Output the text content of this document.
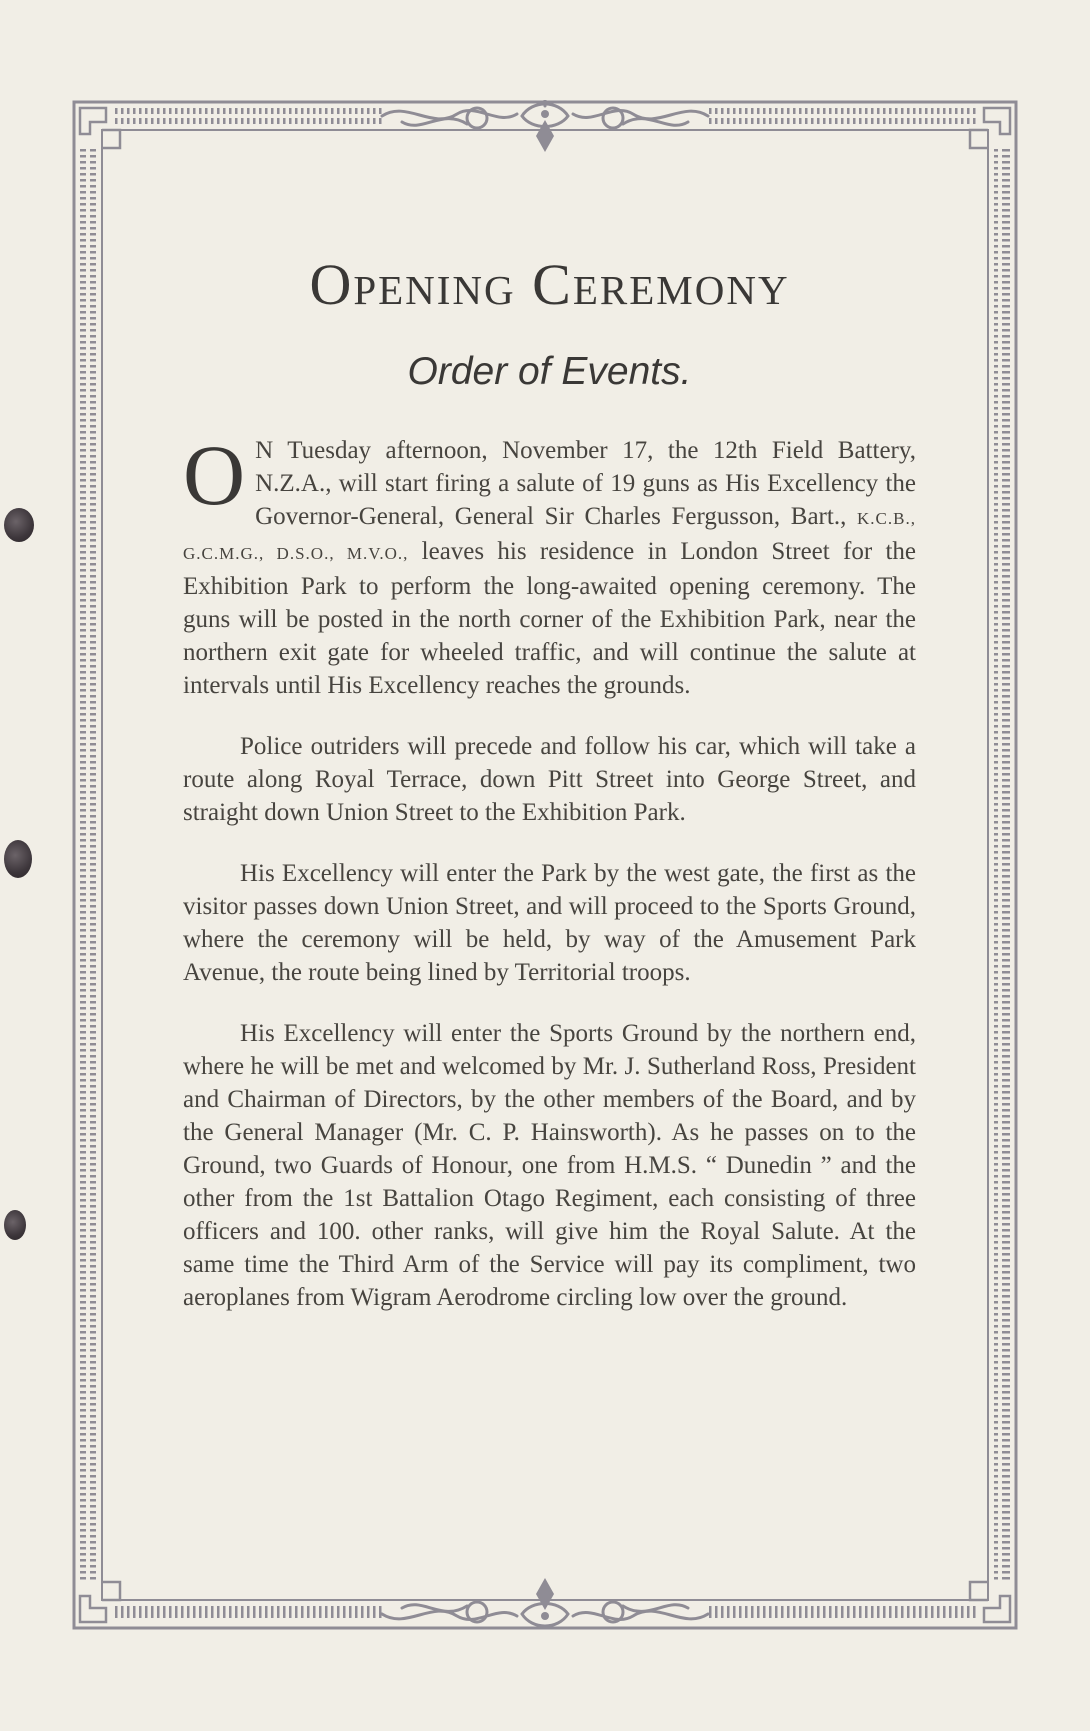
Opening Ceremony
Order of Events.

O N Tuesday afternoon, November 17, the 12th Field Battery, N.Z.A., will start firing a salute of 19 guns as His Excellency the Governor-General, General Sir Charles Fergusson, Bart., K.C.B., G.C.M.G., D.S.O., M.V.O., leaves his residence in London Street for the Exhibition Park to perform the long-awaited opening ceremony. The guns will be posted in the north corner of the Exhibition Park, near the northern exit gate for wheeled traffic, and will continue the salute at intervals until His Excellency reaches the grounds.

Police outriders will precede and follow his car, which will take a route along Royal Terrace, down Pitt Street into George Street, and straight down Union Street to the Exhibition Park.

His Excellency will enter the Park by the west gate, the first as the visitor passes down Union Street, and will proceed to the Sports Ground, where the ceremony will be held, by way of the Amusement Park Avenue, the route being lined by Territorial troops.

His Excellency will enter the Sports Ground by the northern end, where he will be met and welcomed by Mr. J. Sutherland Ross, President and Chairman of Directors, by the other members of the Board, and by the General Manager (Mr. C. P. Hainsworth). As he passes on to the Ground, two Guards of Honour, one from H.M.S. “ Dunedin ” and the other from the 1st Battalion Otago Regiment, each consisting of three officers and 100. other ranks, will give him the Royal Salute. At the same time the Third Arm of the Service will pay its compliment, two aeroplanes from Wigram Aerodrome circling low over the ground.
